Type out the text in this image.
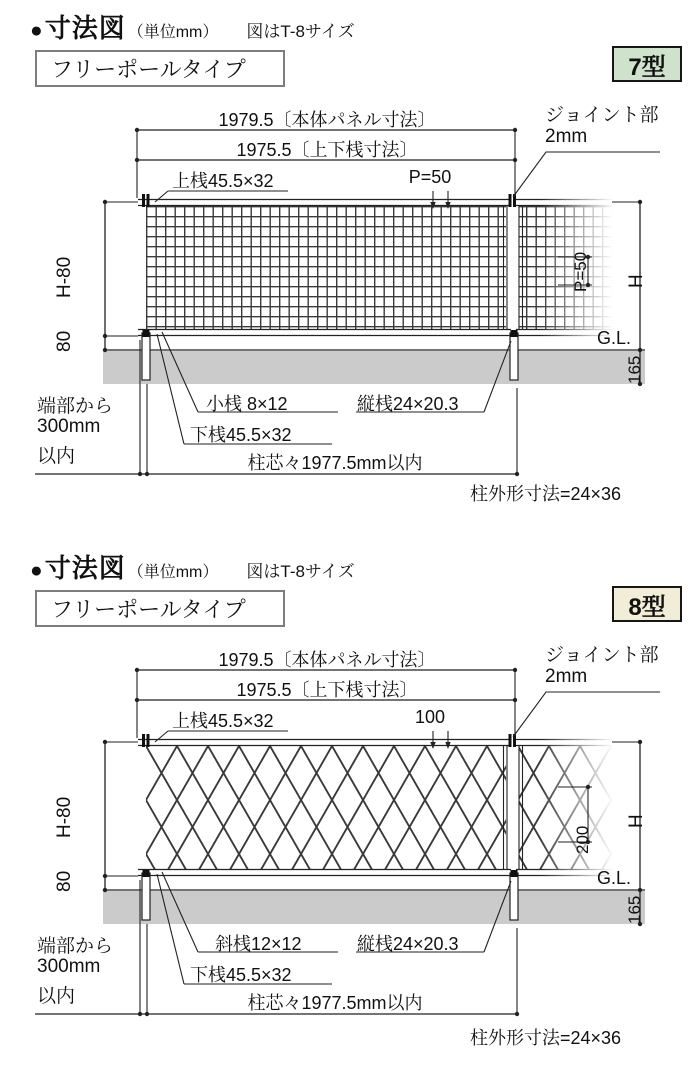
● 寸法図 （単位mm） 図はT-8サイズ
フリーポールタイプ	7型
1979.5〔本体パネル寸法〕
1975.5〔上下桟寸法〕
上桟45.5×32	P=50
ジョイント部
2mm
H-80
80
P=50 H
165
G.L.
小桟 8×12	縦桟24×20.3
下桟45.5×32
柱芯々1977.5mm以内
端部から
300mm
以内
柱外形寸法=24×36
● 寸法図 （単位mm） 図はT-8サイズ
フリーポールタイプ	8型
1979.5〔本体パネル寸法〕
1975.5〔上下桟寸法〕
上桟45.5×32	100
ジョイント部
2mm
H-80
80
200
H
165
G.L.
斜桟12×12	縦桟24×20.3
下桟45.5×32
柱芯々1977.5mm以内
端部から
300mm
以内
柱外形寸法=24×36
